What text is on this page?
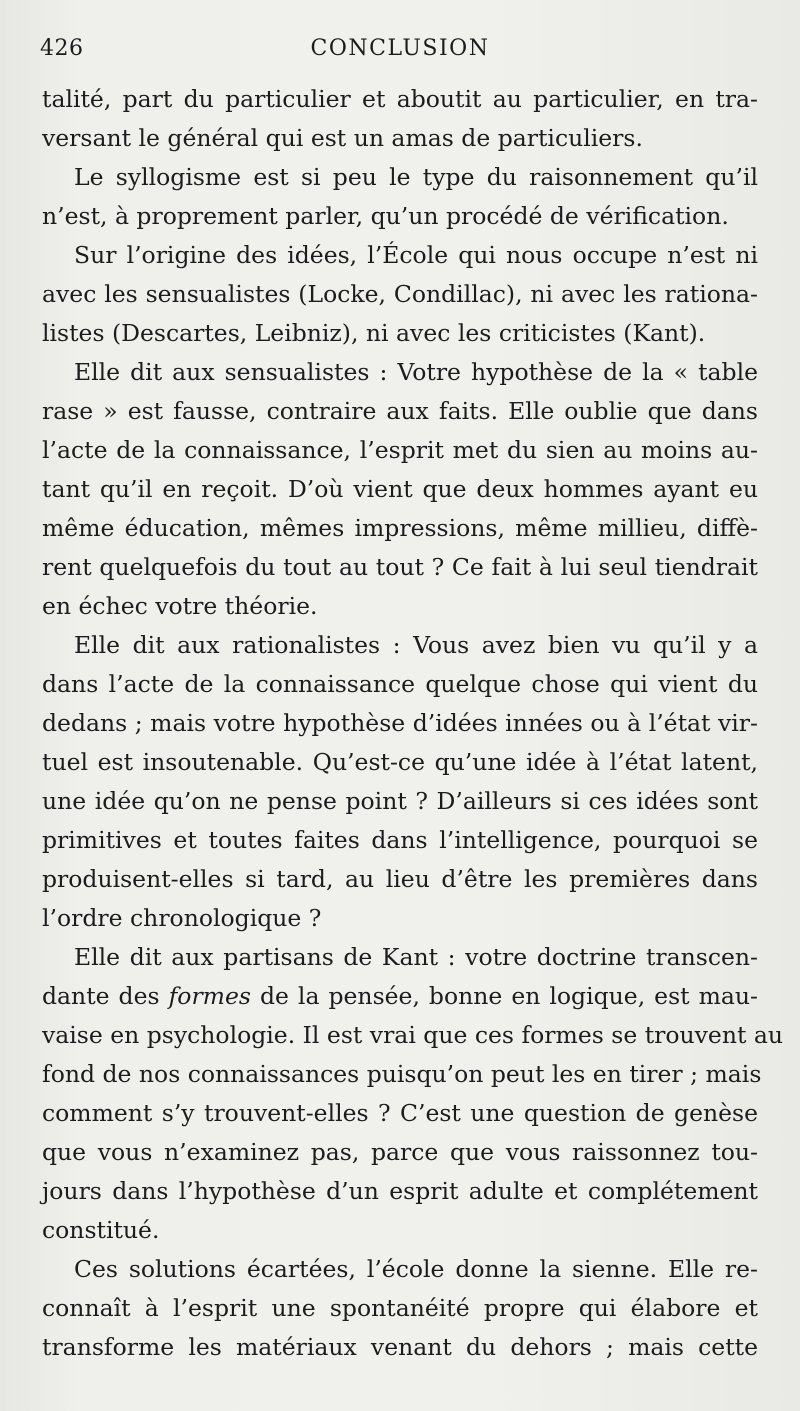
426	CONCLUSION
talité, part du particulier et aboutit au particulier, en tra-
versant le général qui est un amas de particuliers.
Le syllogisme est si peu le type du raisonnement qu’il
n’est, à proprement parler, qu’un procédé de vérification.
Sur l’origine des idées, l’École qui nous occupe n’est ni
avec les sensualistes (Locke, Condillac), ni avec les rationa-
listes (Descartes, Leibniz), ni avec les criticistes (Kant).
Elle dit aux sensualistes : Votre hypothèse de la « table
rase » est fausse, contraire aux faits. Elle oublie que dans
l’acte de la connaissance, l’esprit met du sien au moins au-
tant qu’il en reçoit. D’où vient que deux hommes ayant eu
même éducation, mêmes impressions, même millieu, diffè-
rent quelquefois du tout au tout ? Ce fait à lui seul tiendrait
en échec votre théorie.
Elle dit aux rationalistes : Vous avez bien vu qu’il y a
dans l’acte de la connaissance quelque chose qui vient du
dedans ; mais votre hypothèse d’idées innées ou à l’état vir-
tuel est insoutenable. Qu’est-ce qu’une idée à l’état latent,
une idée qu’on ne pense point ? D’ailleurs si ces idées sont
primitives et toutes faites dans l’intelligence, pourquoi se
produisent-elles si tard, au lieu d’être les premières dans
l’ordre chronologique ?
Elle dit aux partisans de Kant : votre doctrine transcen-
dante des formes de la pensée, bonne en logique, est mau-
vaise en psychologie. Il est vrai que ces formes se trouvent au
fond de nos connaissances puisqu’on peut les en tirer ; mais
comment s’y trouvent-elles ? C’est une question de genèse
que vous n’examinez pas, parce que vous raissonnez tou-
jours dans l’hypothèse d’un esprit adulte et complétement
constitué.
Ces solutions écartées, l’école donne la sienne. Elle re-
connaît à l’esprit une spontanéité propre qui élabore et
transforme les matériaux venant du dehors ; mais cette
